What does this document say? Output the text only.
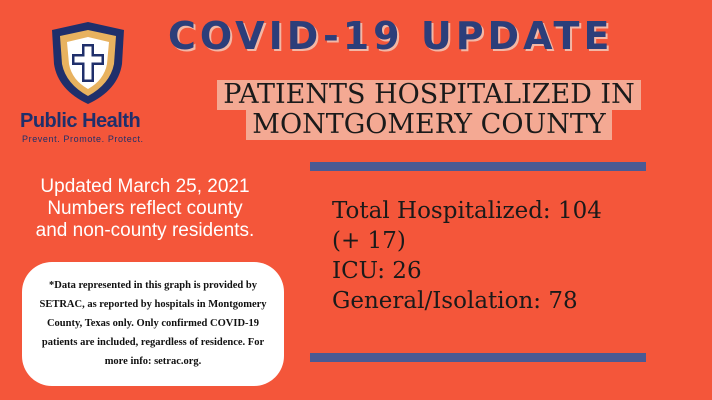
Public Health
Prevent. Promote. Protect.
COVID-19 UPDATE
PATIENTS HOSPITALIZED IN
MONTGOMERY COUNTY
Updated March 25, 2021
Numbers reflect county
and non-county residents.
Total Hospitalized: 104
(+ 17)
ICU: 26
General/Isolation: 78
*Data represented in this graph is provided by SETRAC, as reported by hospitals in Montgomery County, Texas only. Only confirmed COVID-19 patients are included, regardless of residence. For more info: setrac.org.
